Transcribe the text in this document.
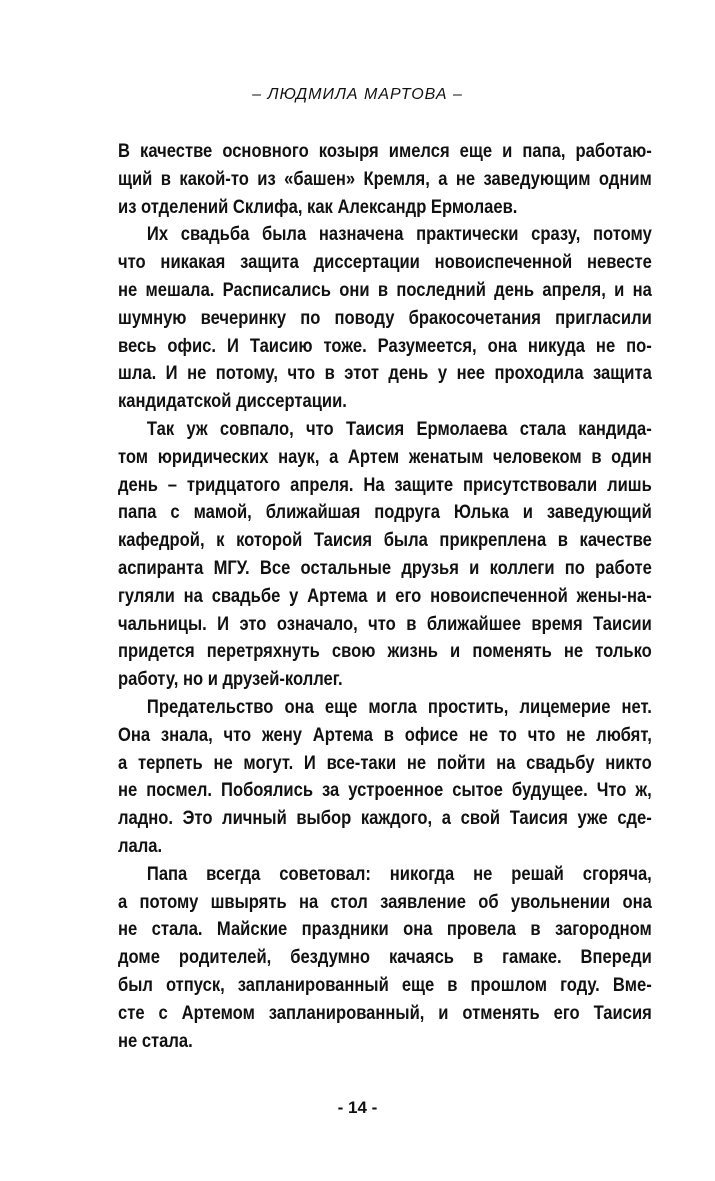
– ЛЮДМИЛА МАРТОВА –
В качестве основного козыря имелся еще и папа, работаю-
щий в какой-то из «башен» Кремля, а не заведующим одним
из отделений Склифа, как Александр Ермолаев.
Их свадьба была назначена практически сразу, потому
что никакая защита диссертации новоиспеченной невесте
не мешала. Расписались они в последний день апреля, и на
шумную вечеринку по поводу бракосочетания пригласили
весь офис. И Таисию тоже. Разумеется, она никуда не по-
шла. И не потому, что в этот день у нее проходила защита
кандидатской диссертации.
Так уж совпало, что Таисия Ермолаева стала кандида-
том юридических наук, а Артем женатым человеком в один
день – тридцатого апреля. На защите присутствовали лишь
папа с мамой, ближайшая подруга Юлька и заведующий
кафедрой, к которой Таисия была прикреплена в качестве
аспиранта МГУ. Все остальные друзья и коллеги по работе
гуляли на свадьбе у Артема и его новоиспеченной жены-на-
чальницы. И это означало, что в ближайшее время Таисии
придется перетряхнуть свою жизнь и поменять не только
работу, но и друзей-коллег.
Предательство она еще могла простить, лицемерие нет.
Она знала, что жену Артема в офисе не то что не любят,
а терпеть не могут. И все-таки не пойти на свадьбу никто
не посмел. Побоялись за устроенное сытое будущее. Что ж,
ладно. Это личный выбор каждого, а свой Таисия уже сде-
лала.
Папа всегда советовал: никогда не решай сгоряча,
а потому швырять на стол заявление об увольнении она
не стала. Майские праздники она провела в загородном
доме родителей, бездумно качаясь в гамаке. Впереди
был отпуск, запланированный еще в прошлом году. Вме-
сте с Артемом запланированный, и отменять его Таисия
не стала.
- 14 -
